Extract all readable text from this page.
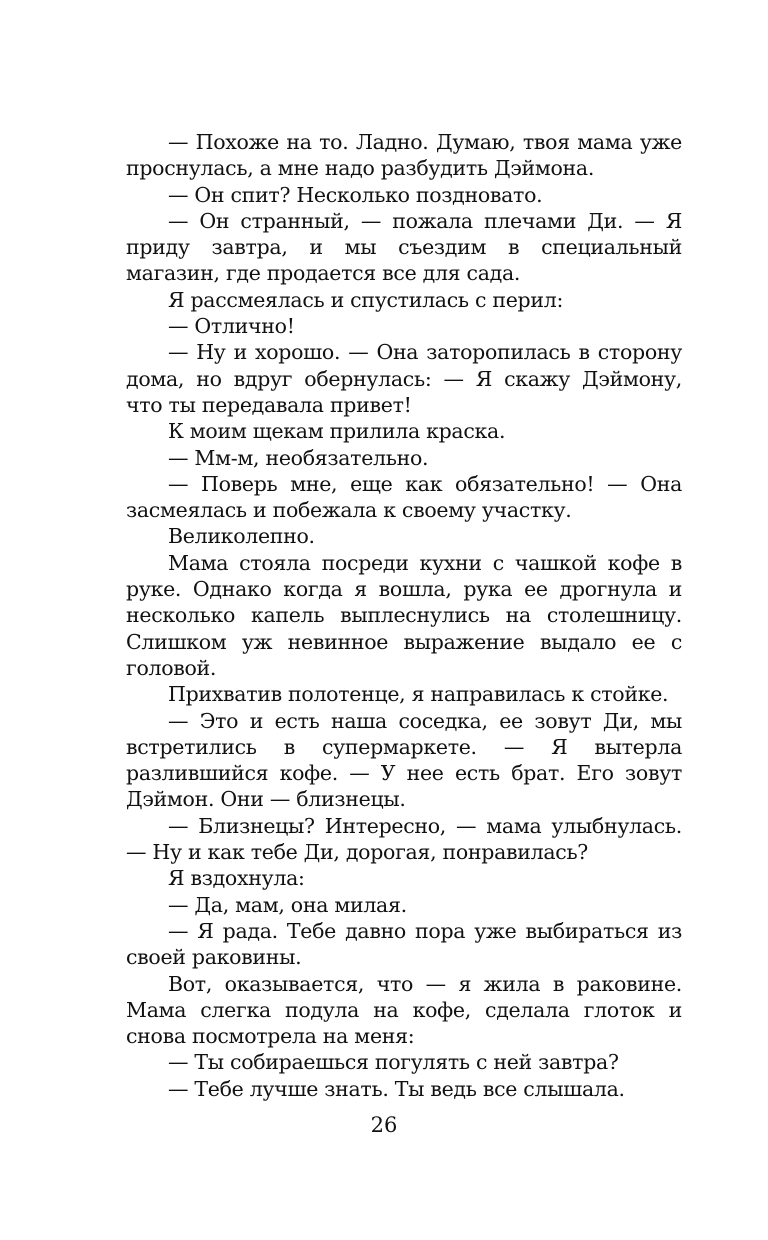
— Похоже на то. Ладно. Думаю, твоя мама уже проснулась, а мне надо разбудить Дэймона.

— Он спит? Несколько поздновато.

— Он странный, — пожала плечами Ди. — Я приду завтра, и мы съездим в специальный магазин, где продается все для сада.

Я рассмеялась и спустилась с перил:

— Отлично!

— Ну и хорошо. — Она заторопилась в сторону дома, но вдруг обернулась: — Я скажу Дэймону, что ты передавала привет!

К моим щекам прилила краска.

— Мм-м, необязательно.

— Поверь мне, еще как обязательно! — Она засмеялась и побежала к своему участку.

Великолепно.

Мама стояла посреди кухни с чашкой кофе в руке. Однако когда я вошла, рука ее дрогнула и несколько капель выплеснулись на столешницу. Слишком уж невинное выражение выдало ее с головой.

Прихватив полотенце, я направилась к стойке.

— Это и есть наша соседка, ее зовут Ди, мы встретились в супермаркете. — Я вытерла разлившийся кофе. — У нее есть брат. Его зовут Дэймон. Они — близнецы.

— Близнецы? Интересно, — мама улыбнулась. — Ну и как тебе Ди, дорогая, понравилась?

Я вздохнула:

— Да, мам, она милая.

— Я рада. Тебе давно пора уже выбираться из своей раковины.

Вот, оказывается, что — я жила в раковине. Мама слегка подула на кофе, сделала глоток и снова посмотрела на меня:

— Ты собираешься погулять с ней завтра?

— Тебе лучше знать. Ты ведь все слышала.

26
